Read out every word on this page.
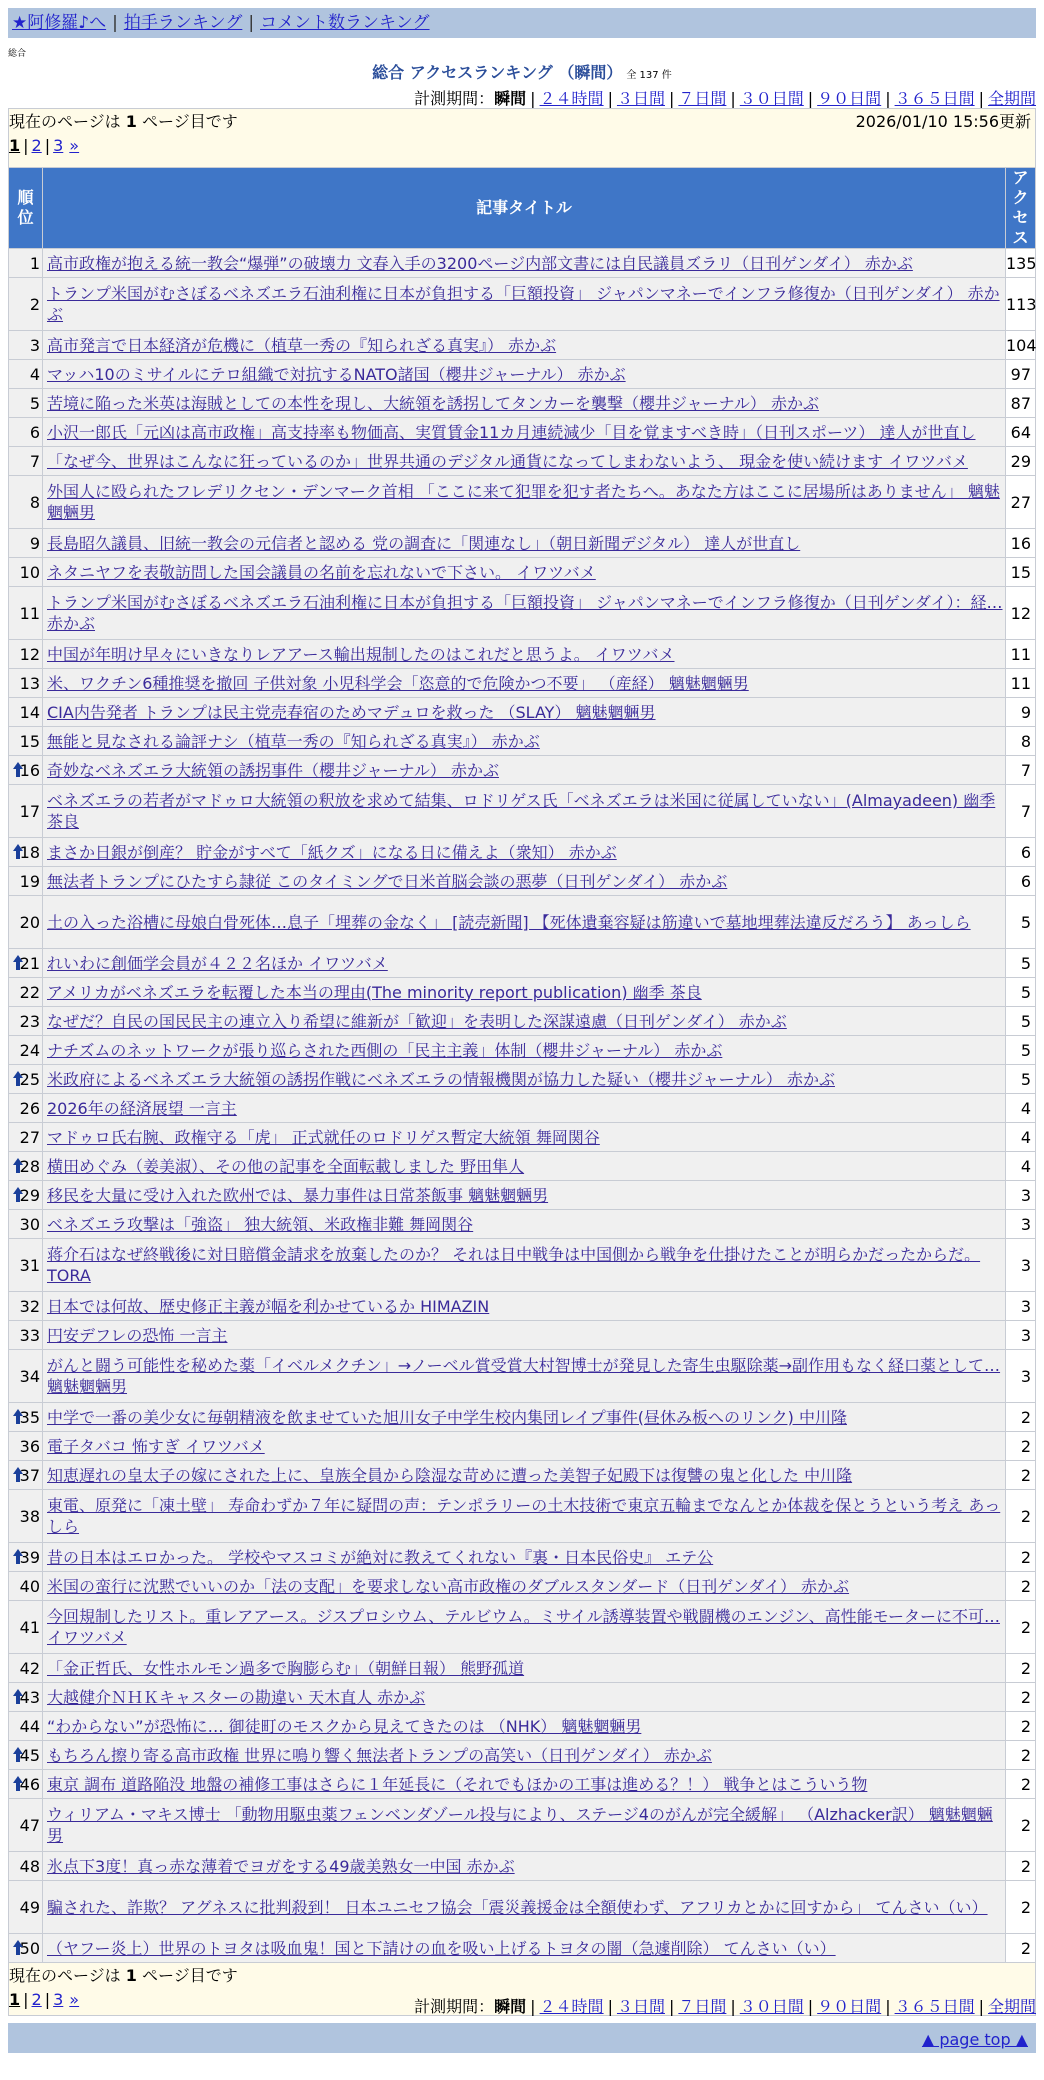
★阿修羅♪へ | 拍手ランキング | コメント数ランキング
総合
総合 アクセスランキング （瞬間） 全 137 件
計測期間：瞬間 | ２４時間 | ３日間 | ７日間 | ３０日間 | ９０日間 | ３６５日間 | 全期間
2026/01/10 15:56更新
現在のページは 1 ページ目です
1 | 2 | 3 »		

順位	記事タイトル	アクセス
1	高市政権が抱える統一教会“爆弾”の破壊力 文春入手の3200ページ内部文書には自民議員ズラリ（日刊ゲンダイ） 赤かぶ	135
2	トランプ米国がむさぼるベネズエラ石油利権に日本が負担する「巨額投資」 ジャパンマネーでインフラ修復か（日刊ゲンダイ） 赤かぶ	113
3	高市発言で日本経済が危機に（植草一秀の『知られざる真実』） 赤かぶ	104
4	マッハ10のミサイルにテロ組織で対抗するNATO諸国（櫻井ジャーナル） 赤かぶ	97
5	苦境に陥った米英は海賊としての本性を現し、大統領を誘拐してタンカーを襲撃（櫻井ジャーナル） 赤かぶ	87
6	小沢一郎氏「元凶は高市政権」高支持率も物価高、実質賃金11カ月連続減少「目を覚ますべき時」（日刊スポーツ） 達人が世直し	64
7	「なぜ今、世界はこんなに狂っているのか」世界共通のデジタル通貨になってしまわないよう、 現金を使い続けます イワツバメ	29
8	外国人に殴られたフレデリクセン・デンマーク首相 「ここに来て犯罪を犯す者たちへ。あなた方はここに居場所はありません」 魑魅魍魎男	27
9	長島昭久議員、旧統一教会の元信者と認める 党の調査に「関連なし」（朝日新聞デジタル） 達人が世直し	16
10	ネタニヤフを表敬訪問した国会議員の名前を忘れないで下さい。 イワツバメ	15
11	トランプ米国がむさぼるベネズエラ石油利権に日本が負担する「巨額投資」 ジャパンマネーでインフラ修復か（日刊ゲンダイ）：経… 赤かぶ	12
12	中国が年明け早々にいきなりレアアース輸出規制したのはこれだと思うよ。 イワツバメ	11
13	米、ワクチン6種推奨を撤回 子供対象 小児科学会「恣意的で危険かつ不要」 （産経） 魑魅魍魎男	11
14	CIA内告発者 トランプは民主党売春宿のためマデュロを救った （SLAY） 魑魅魍魎男	9
15	無能と見なされる論評ナシ（植草一秀の『知られざる真実』） 赤かぶ	8

16	奇妙なベネズエラ大統領の誘拐事件（櫻井ジャーナル） 赤かぶ	7
17	ベネズエラの若者がマドゥロ大統領の釈放を求めて結集、ロドリゲス氏「ベネズエラは米国に従属していない」(Almayadeen) 幽季 茶良	7

18	まさか日銀が倒産？ 貯金がすべて「紙クズ」になる日に備えよ（衆知） 赤かぶ	6
19	無法者トランプにひたすら隷従 このタイミングで日米首脳会談の悪夢（日刊ゲンダイ） 赤かぶ	6
20	土の入った浴槽に母娘白骨死体…息子「埋葬の金なく」 [読売新聞] 【死体遺棄容疑は筋違いで墓地埋葬法違反だろう】 あっしら	5

21	れいわに創価学会員が４２２名ほか イワツバメ	5
22	アメリカがベネズエラを転覆した本当の理由(The minority report publication) 幽季 茶良	5
23	なぜだ？自民の国民民主の連立入り希望に維新が「歓迎」を表明した深謀遠慮（日刊ゲンダイ） 赤かぶ	5
24	ナチズムのネットワークが張り巡らされた西側の「民主主義」体制（櫻井ジャーナル） 赤かぶ	5

25	米政府によるベネズエラ大統領の誘拐作戦にベネズエラの情報機関が協力した疑い（櫻井ジャーナル） 赤かぶ	5
26	2026年の経済展望 一言主	4
27	マドゥロ氏右腕、政権守る「虎」 正式就任のロドリゲス暫定大統領 舞岡関谷	4

28	横田めぐみ（姜美淑）、その他の記事を全面転載しました 野田隼人	4

29	移民を大量に受け入れた欧州では、暴力事件は日常茶飯事 魑魅魍魎男	3
30	ベネズエラ攻撃は「強盗」 独大統領、米政権非難 舞岡関谷	3
31	蒋介石はなぜ終戦後に対日賠償金請求を放棄したのか？ それは日中戦争は中国側から戦争を仕掛けたことが明らかだったからだ。 TORA	3
32	日本では何故、歴史修正主義が幅を利かせているか HIMAZIN	3
33	円安デフレの恐怖 一言主	3
34	がんと闘う可能性を秘めた薬「イベルメクチン」→ノーベル賞受賞大村智博士が発見した寄生虫駆除薬→副作用もなく経口薬として… 魑魅魍魎男	3

35	中学で一番の美少女に毎朝精液を飲ませていた旭川女子中学生校内集団レイプ事件(昼休み板へのリンク) 中川隆	2
36	電子タバコ 怖すぎ イワツバメ	2

37	知恵遅れの皇太子の嫁にされた上に、皇族全員から陰湿な苛めに遭った美智子妃殿下は復讐の鬼と化した 中川隆	2
38	東電、原発に「凍土壁」 寿命わずか７年に疑問の声：テンポラリーの土木技術で東京五輪までなんとか体裁を保とうという考え あっしら	2

39	昔の日本はエロかった。 学校やマスコミが絶対に教えてくれない『裏・日本民俗史』 エテ公	2
40	米国の蛮行に沈黙でいいのか「法の支配」を要求しない高市政権のダブルスタンダード（日刊ゲンダイ） 赤かぶ	2
41	今回規制したリスト。重レアアース。ジスプロシウム、テルビウム。ミサイル誘導装置や戦闘機のエンジン、高性能モーターに不可… イワツバメ	2
42	「金正哲氏、女性ホルモン過多で胸膨らむ」（朝鮮日報） 熊野孤道	2

43	大越健介ＮＨＫキャスターの勘違い 天木直人 赤かぶ	2
44	“わからない”が恐怖に… 御徒町のモスクから見えてきたのは （NHK） 魑魅魍魎男	2

45	もちろん擦り寄る高市政権 世界に鳴り響く無法者トランプの高笑い（日刊ゲンダイ） 赤かぶ	2

46	東京 調布 道路陥没 地盤の補修工事はさらに１年延長に（それでもほかの工事は進める？！） 戦争とはこういう物	2
47	ウィリアム・マキス博士 「動物用駆虫薬フェンベンダゾール投与により、ステージ4のがんが完全緩解」 （Alzhacker訳） 魑魅魍魎男	2
48	氷点下3度！真っ赤な薄着でヨガをする49歳美熟女一中国 赤かぶ	2
49	騙された、詐欺？ アグネスに批判殺到！ 日本ユニセフ協会「震災義援金は全額使わず、アフリカとかに回すから」 てんさい（い）	2

50	（ヤフー炎上）世界のトヨタは吸血鬼！国と下請けの血を吸い上げるトヨタの闇（急遽削除） てんさい（い）	2

現在のページは 1 ページ目です
1 | 2 | 3 »			計測期間：瞬間 | ２４時間 | ３日間 | ７日間 | ３０日間 | ９０日間 | ３６５日間 | 全期間
▲ page top ▲
